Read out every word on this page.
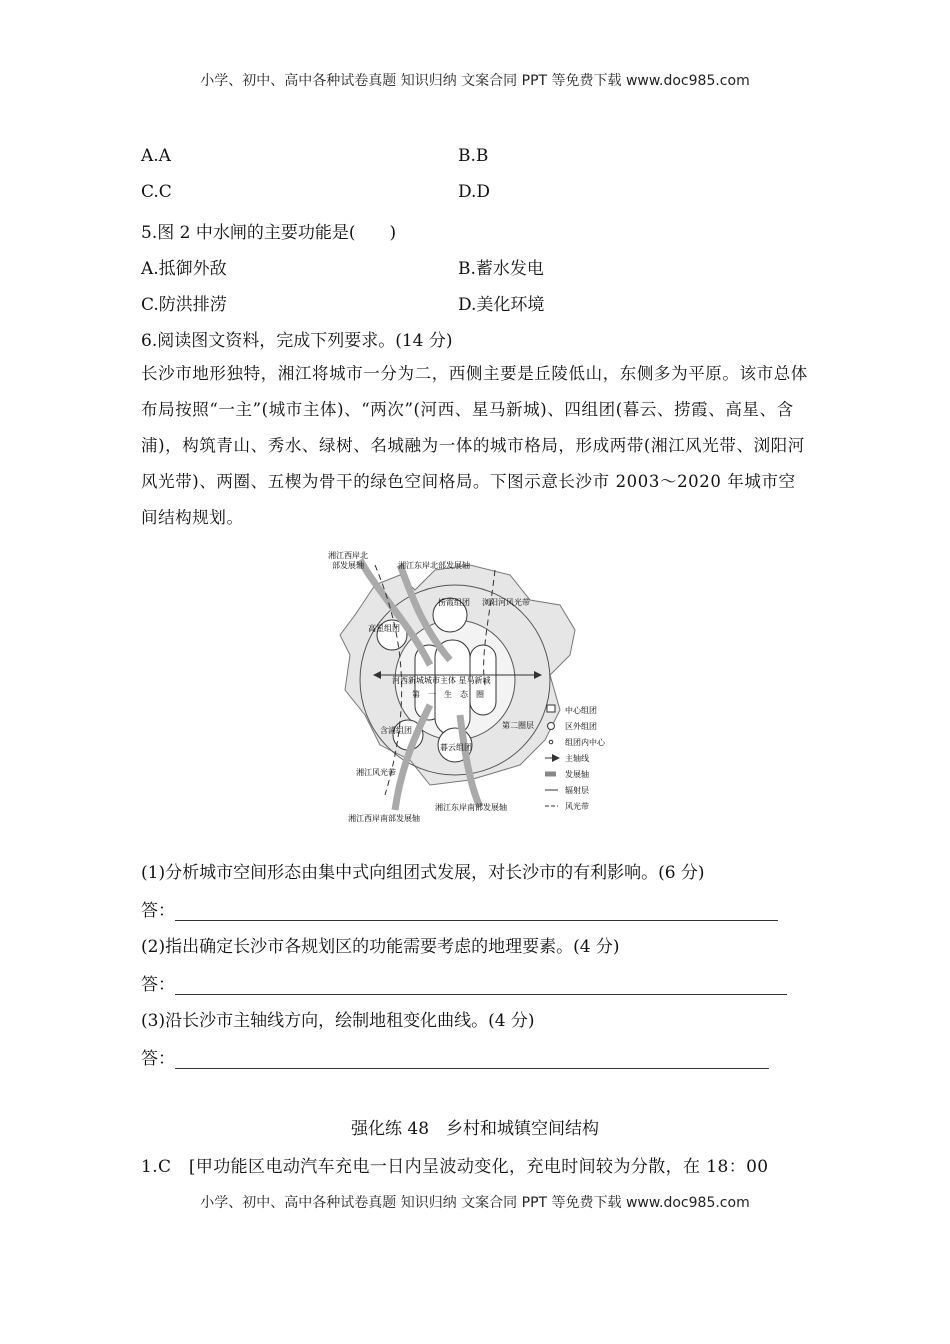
小学、初中、高中各种试卷真题 知识归纳 文案合同 PPT 等免费下载 www.doc985.com
A.A	B.B
C.C	D.D
5.图 2 中水闸的主要功能是(　　)
A.抵御外敌	B.蓄水发电
C.防洪排涝	D.美化环境
6.阅读图文资料，完成下列要求。(14 分)
长沙市地形独特，湘江将城市一分为二，西侧主要是丘陵低山，东侧多为平原。该市总体布局按照“一主”(城市主体)、“两次”(河西、星马新城)、四组团(暮云、捞霞、高星、含浦)，构筑青山、秀水、绿树、名城融为一体的城市格局，形成两带(湘江风光带、浏阳河风光带)、两圈、五楔为骨干的绿色空间格局。下图示意长沙市 2003～2020 年城市空间结构规划。
湘江西岸北
部发展轴	湘江东岸北部发展轴
捞霞组团 浏阳河风光带
高星组团
河西新城城市主体 星马新城
第　一　生　态　圈
第二圈层
含浦组团
暮云组团
湘江风光带
湘江西岸南部发展轴
湘江东岸南部发展轴
中心组团
区外组团
组团内中心
主轴线
发展轴
辐射层
风光带
(1)分析城市空间形态由集中式向组团式发展，对长沙市的有利影响。(6 分)
答：
(2)指出确定长沙市各规划区的功能需要考虑的地理要素。(4 分)
答：
(3)沿长沙市主轴线方向，绘制地租变化曲线。(4 分)
答：
强化练 48　乡村和城镇空间结构
1.C　[甲功能区电动汽车充电一日内呈波动变化，充电时间较为分散，在 18：00
小学、初中、高中各种试卷真题 知识归纳 文案合同 PPT 等免费下载 www.doc985.com
